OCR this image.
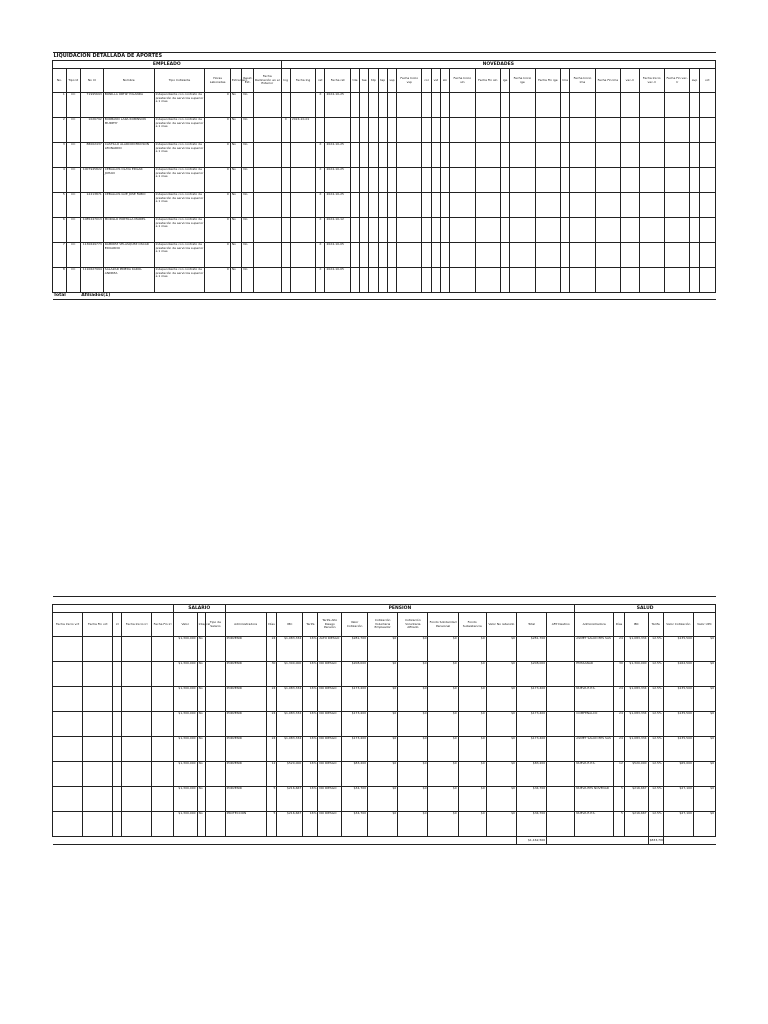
LIQUIDACION DETALLADA DE APORTES																																		
EMPLEADO									NOVEDADES																									
No.	Tipo Id	No Id	Nombre	Tipo Cotizante	Horas Laboradas	Extranjero	Resid. Ext.	Fecha Radicación en el Exterior	Ing	Fecha Ing	ret	Fecha ret	tde	tae	tdp	tap	vsp	Fecha Inicio vsp	cor	vst	sln	Fecha Inicio sln	Fecha Fin sln	ige	Fecha Inicio ige	Fecha Fin ige	lma	Fecha Inicio lma	Fecha Fin lma	vac-lr	Fecha Inicio vac-lr	Fecha Fin vac-lr	avp	vct
1	CC	71995693	BONILLA ORTIZ YOLANDA	Independiente con contrato de prestación de servicios superior a 1 mes	0	No	No				X	2024-10-25																						
2	CC	1026792	BURBANO LARA ROBINSON MURPHY	Independiente con contrato de prestación de servicios superior a 1 mes	0	No	No		X	2024-10-01																								
3	CC	88002437	CASTILLO ALARCON ERICSON LEONARDO	Independiente con contrato de prestación de servicios superior a 1 mes	0	No	No				X	2024-10-25																						
4	CC	1007945822	CEBALLOS OLAYA EDGAR JOHAN	Independiente con contrato de prestación de servicios superior a 1 mes	0	No	No				X	2024-10-25																						
5	CC	12213871	CEBALLOS GUE JOSE FABIO	Independiente con contrato de prestación de servicios superior a 1 mes	0	No	No				X	2024-10-25																						
6	CC	1085247013	MORILLO PORTILLA MARIEL	Independiente con contrato de prestación de servicios superior a 1 mes	0	No	No				X	2024-10-12																						
7	CC	1130649773	RAMIREZ VELASQUEZ OSCAR EDUARDO	Independiente con contrato de prestación de servicios superior a 1 mes	0	No	No				X	2024-10-05																						
8	CC	1110627994	SALAZAR PINEDA KAROL ANDREA	Independiente con contrato de prestación de servicios superior a 1 mes	0	No	No				X	2024-10-05																						
Total		Afiliados(1)																																

					SALARIO			PENSION													SALUD					
Fecha Inicio vct	Fecha Fin vct	irl	Fecha Inicio irl	Fecha Fin irl	Valor	Integral	Tipo de Salario	Administradora	Días	IBC	Tarifa	Tarifa Alto Riesgo Pensión	Valor Cotización	Cotización Voluntaria Empleador	Cotización Voluntaria Afiliado	Fondo Solidaridad Pensional	Fondo Subsistencia	Valor No retenido	Total	AFP Destino	Administradora	Días	IBC	Tarifa	Valor Cotización	Valor UPC
					$1,300,000	No		PORVENIR	24	$1,083,334	16%	ALTO RIESGO	$281,700	$0	$0	$0	$0	$0	$281,700		ASMET SALUD EPS SAS	24	$1,083,334	12.5%	$135,500	$0
					$1,300,000	No		PORVENIR	30	$1,300,000	16%	NO RIESGO	$208,000	$0	$0	$0	$0	$0	$208,000		EMSSANAR	30	$1,300,000	12.5%	$162,500	$0
					$1,300,000	No		PORVENIR	24	$1,083,334	16%	NO RIESGO	$173,400	$0	$0	$0	$0	$0	$173,400		NUEVA E.P.S.	24	$1,083,334	12.5%	$135,500	$0
					$1,300,000	No		PORVENIR	24	$1,083,334	16%	NO RIESGO	$173,400	$0	$0	$0	$0	$0	$173,400		COMFENALCO	24	$1,083,334	12.5%	$135,500	$0
					$1,300,000	No		PORVENIR	24	$1,083,334	16%	NO RIESGO	$173,400	$0	$0	$0	$0	$0	$173,400		ASMET SALUD EPS SAS	24	$1,083,334	12.5%	$135,500	$0
					$1,300,000	No		PORVENIR	12	$520,000	16%	NO RIESGO	$83,200	$0	$0	$0	$0	$0	$83,200		NUEVA E.P.S.	12	$520,000	12.5%	$65,000	$0
					$1,300,000	No		PORVENIR	5	$216,667	16%	NO RIESGO	$34,700	$0	$0	$0	$0	$0	$34,700		NUEVA EPS NOVEDAD	5	$216,667	12.5%	$27,100	$0
					$1,300,000	No		PROTECCION	5	$216,667	16%	NO RIESGO	$34,700	$0	$0	$0	$0	$0	$34,700		NUEVA E.P.S.	5	$216,667	12.5%	$27,100	$0
																			$1,162,500					$833,700		
